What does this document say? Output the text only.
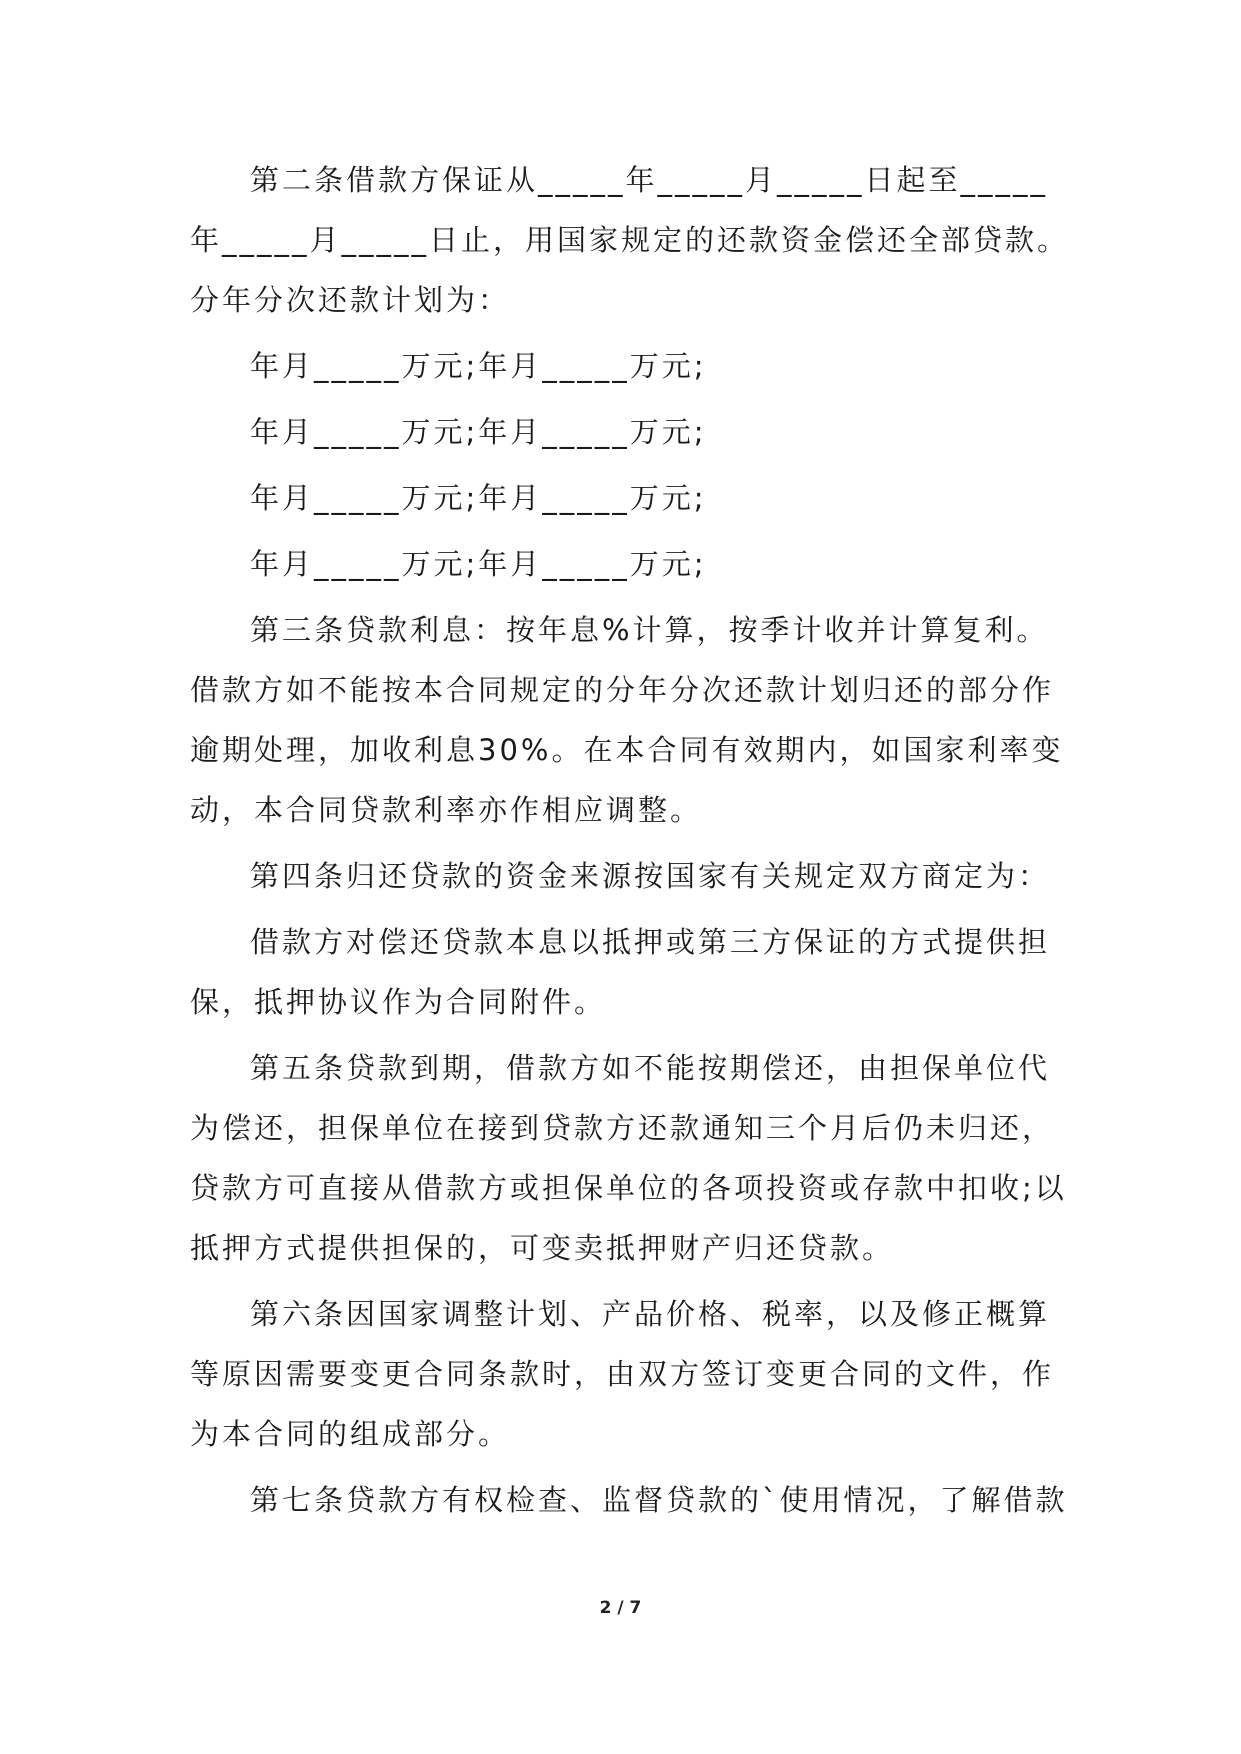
第二条借款方保证从_____年_____月_____日起至_____年_____月_____日止，用国家规定的还款资金偿还全部贷款。分年分次还款计划为：

年月_____万元;年月_____万元;

年月_____万元;年月_____万元;

年月_____万元;年月_____万元;

年月_____万元;年月_____万元;

第三条贷款利息：按年息%计算，按季计收并计算复利。借款方如不能按本合同规定的分年分次还款计划归还的部分作逾期处理，加收利息30%。在本合同有效期内，如国家利率变动，本合同贷款利率亦作相应调整。

第四条归还贷款的资金来源按国家有关规定双方商定为：

借款方对偿还贷款本息以抵押或第三方保证的方式提供担保，抵押协议作为合同附件。

第五条贷款到期，借款方如不能按期偿还，由担保单位代为偿还，担保单位在接到贷款方还款通知三个月后仍未归还，贷款方可直接从借款方或担保单位的各项投资或存款中扣收;以抵押方式提供担保的，可变卖抵押财产归还贷款。

第六条因国家调整计划、产品价格、税率，以及修正概算等原因需要变更合同条款时，由双方签订变更合同的文件，作为本合同的组成部分。

第七条贷款方有权检查、监督贷款的`使用情况，了解借款

2 / 7
